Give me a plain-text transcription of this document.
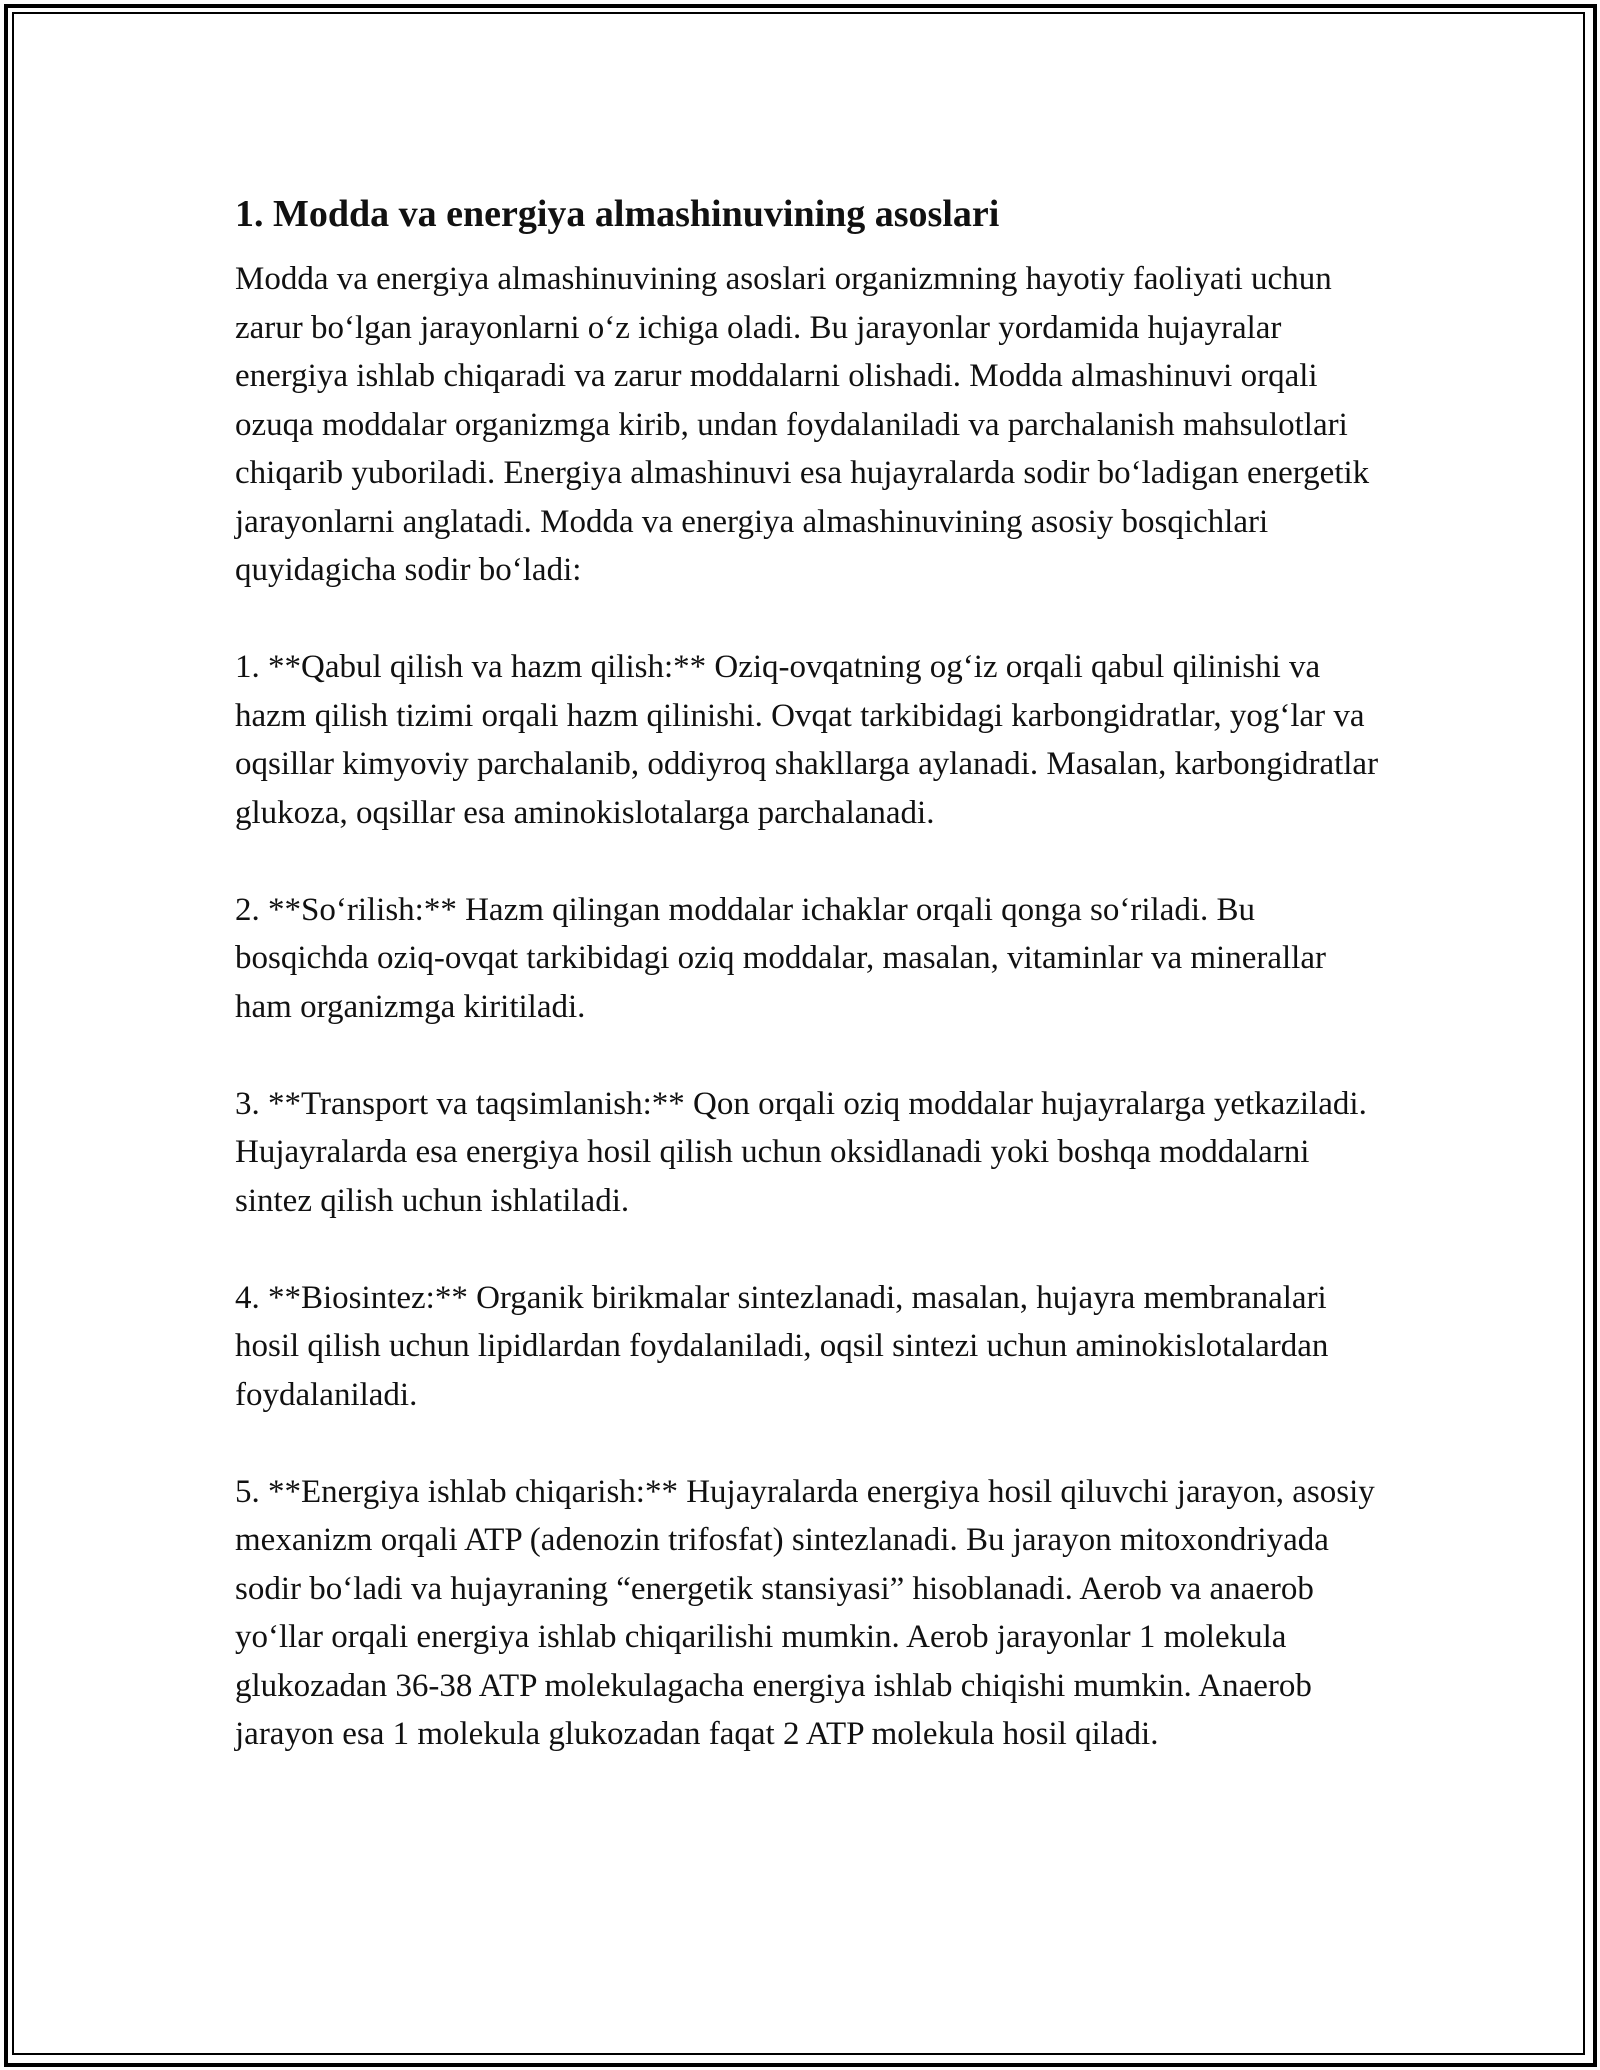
1. Modda va energiya almashinuvining asoslari

Modda va energiya almashinuvining asoslari organizmning hayotiy faoliyati uchun zarur bo‘lgan jarayonlarni o‘z ichiga oladi. Bu jarayonlar yordamida hujayralar energiya ishlab chiqaradi va zarur moddalarni olishadi. Modda almashinuvi orqali ozuqa moddalar organizmga kirib, undan foydalaniladi va parchalanish mahsulotlari chiqarib yuboriladi. Energiya almashinuvi esa hujayralarda sodir bo‘ladigan energetik jarayonlarni anglatadi. Modda va energiya almashinuvining asosiy bosqichlari quyidagicha sodir bo‘ladi:

1. **Qabul qilish va hazm qilish:** Oziq-ovqatning og‘iz orqali qabul qilinishi va hazm qilish tizimi orqali hazm qilinishi. Ovqat tarkibidagi karbongidratlar, yog‘lar va oqsillar kimyoviy parchalanib, oddiyroq shakllarga aylanadi. Masalan, karbongidratlar glukoza, oqsillar esa aminokislotalarga parchalanadi.

2. **So‘rilish:** Hazm qilingan moddalar ichaklar orqali qonga so‘riladi. Bu bosqichda oziq-ovqat tarkibidagi oziq moddalar, masalan, vitaminlar va minerallar ham organizmga kiritiladi.

3. **Transport va taqsimlanish:** Qon orqali oziq moddalar hujayralarga yetkaziladi. Hujayralarda esa energiya hosil qilish uchun oksidlanadi yoki boshqa moddalarni sintez qilish uchun ishlatiladi.

4. **Biosintez:** Organik birikmalar sintezlanadi, masalan, hujayra membranalari hosil qilish uchun lipidlardan foydalaniladi, oqsil sintezi uchun aminokislotalardan foydalaniladi.

5. **Energiya ishlab chiqarish:** Hujayralarda energiya hosil qiluvchi jarayon, asosiy mexanizm orqali ATP (adenozin trifosfat) sintezlanadi. Bu jarayon mitoxondriyada sodir bo‘ladi va hujayraning “energetik stansiyasi” hisoblanadi. Aerob va anaerob yo‘llar orqali energiya ishlab chiqarilishi mumkin. Aerob jarayonlar 1 molekula glukozadan 36-38 ATP molekulagacha energiya ishlab chiqishi mumkin. Anaerob jarayon esa 1 molekula glukozadan faqat 2 ATP molekula hosil qiladi.
